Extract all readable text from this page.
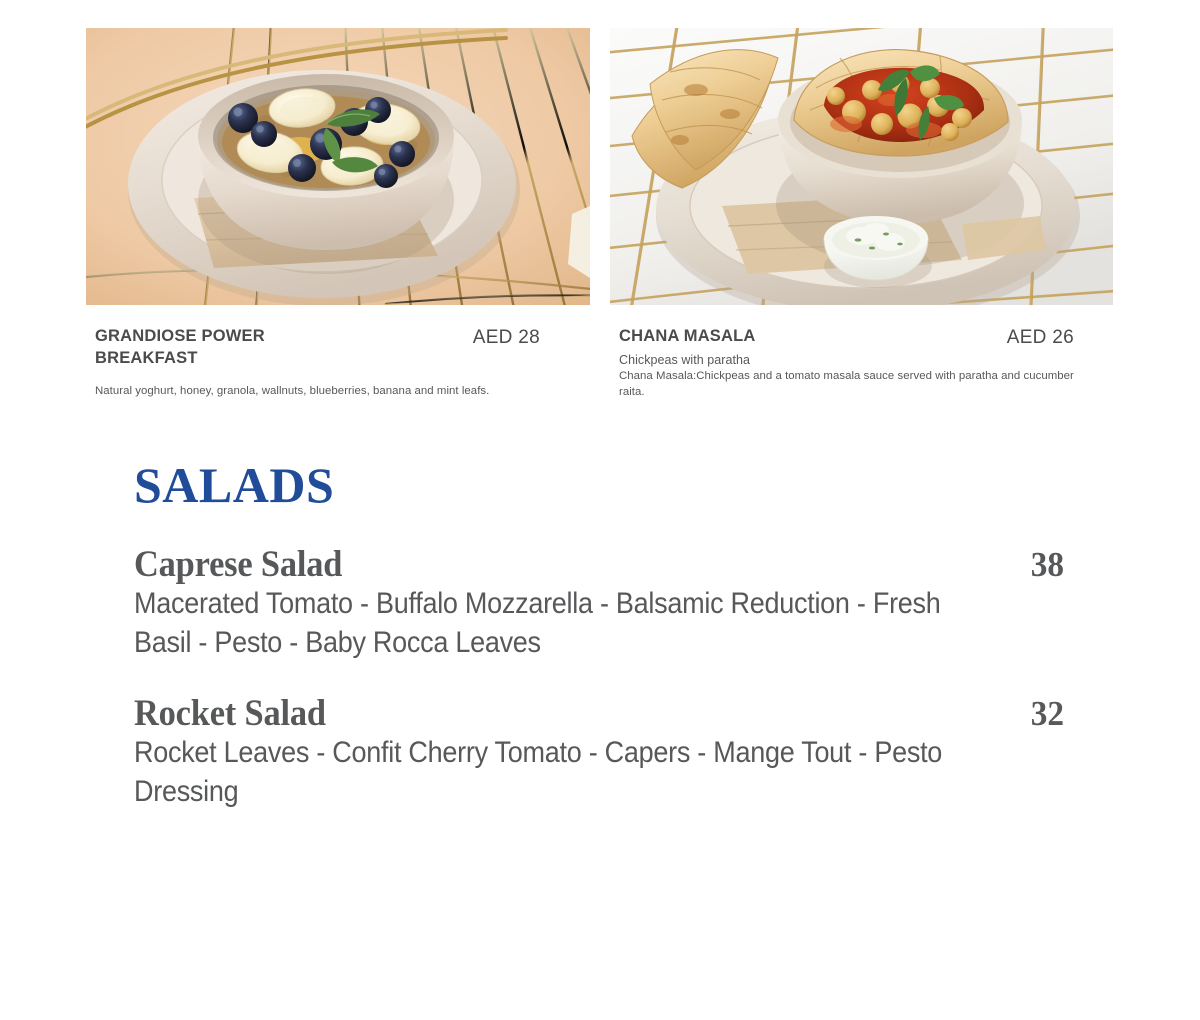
GRANDIOSE POWER BREAKFAST
AED 28
Natural yoghurt, honey, granola, wallnuts, blueberries, banana and mint leafs.
CHANA MASALA	AED 26
Chickpeas with paratha
Chana Masala:Chickpeas and a tomato masala sauce served with paratha and cucumber raita.
SALADS
Caprese Salad	38
Macerated Tomato - Buffalo Mozzarella - Balsamic Reduction - Fresh Basil - Pesto - Baby Rocca Leaves
Rocket Salad	32
Rocket Leaves - Confit Cherry Tomato - Capers - Mange Tout - Pesto Dressing
